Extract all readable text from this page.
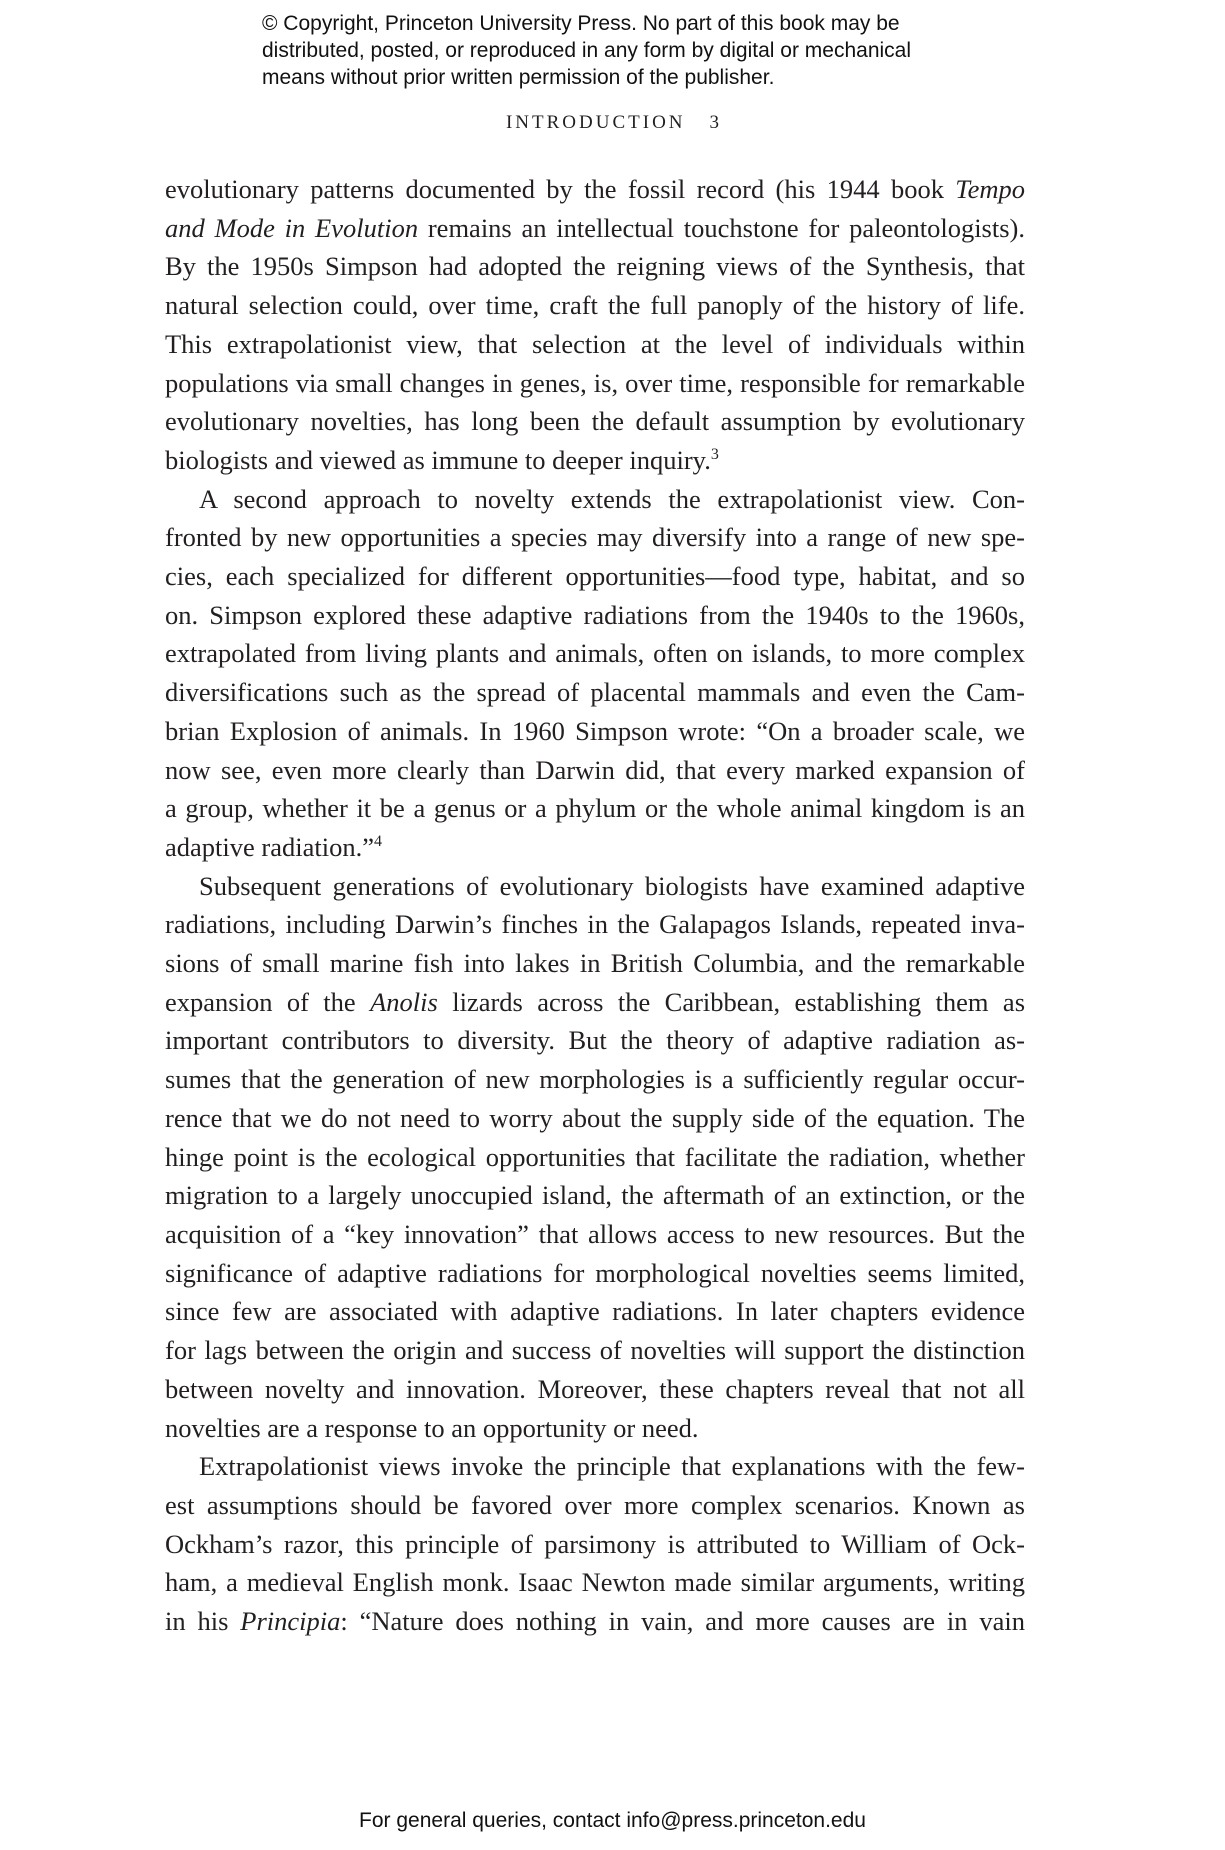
© Copyright, Princeton University Press. No part of this book may be
distributed, posted, or reproduced in any form by digital or mechanical
means without prior written permission of the publisher.
INTRODUCTION 3
evolutionary patterns documented by the fossil record (his 1944 book Tempo
and Mode in Evolution remains an intellectual touchstone for paleontologists).
By the 1950s Simpson had adopted the reigning views of the Synthesis, that
natural selection could, over time, craft the full panoply of the history of life.
This extrapolationist view, that selection at the level of individuals within
populations via small changes in genes, is, over time, responsible for remarkable
evolutionary novelties, has long been the default assumption by evolutionary
biologists and viewed as immune to deeper inquiry.$^3$
A second approach to novelty extends the extrapolationist view. Con-
fronted by new opportunities a species may diversify into a range of new spe-
cies, each specialized for different opportunities—food type, habitat, and so
on. Simpson explored these adaptive radiations from the 1940s to the 1960s,
extrapolated from living plants and animals, often on islands, to more complex
diversifications such as the spread of placental mammals and even the Cam-
brian Explosion of animals. In 1960 Simpson wrote: “On a broader scale, we
now see, even more clearly than Darwin did, that every marked expansion of
a group, whether it be a genus or a phylum or the whole animal kingdom is an
adaptive radiation.”$^4$
Subsequent generations of evolutionary biologists have examined adaptive
radiations, including Darwin’s finches in the Galapagos Islands, repeated inva-
sions of small marine fish into lakes in British Columbia, and the remarkable
expansion of the Anolis lizards across the Caribbean, establishing them as
important contributors to diversity. But the theory of adaptive radiation as-
sumes that the generation of new morphologies is a sufficiently regular occur-
rence that we do not need to worry about the supply side of the equation. The
hinge point is the ecological opportunities that facilitate the radiation, whether
migration to a largely unoccupied island, the aftermath of an extinction, or the
acquisition of a “key innovation” that allows access to new resources. But the
significance of adaptive radiations for morphological novelties seems limited,
since few are associated with adaptive radiations. In later chapters evidence
for lags between the origin and success of novelties will support the distinction
between novelty and innovation. Moreover, these chapters reveal that not all
novelties are a response to an opportunity or need.
Extrapolationist views invoke the principle that explanations with the few-
est assumptions should be favored over more complex scenarios. Known as
Ockham’s razor, this principle of parsimony is attributed to William of Ock-
ham, a medieval English monk. Isaac Newton made similar arguments, writing
in his Principia: “Nature does nothing in vain, and more causes are in vain
For general queries, contact info@press.princeton.edu
